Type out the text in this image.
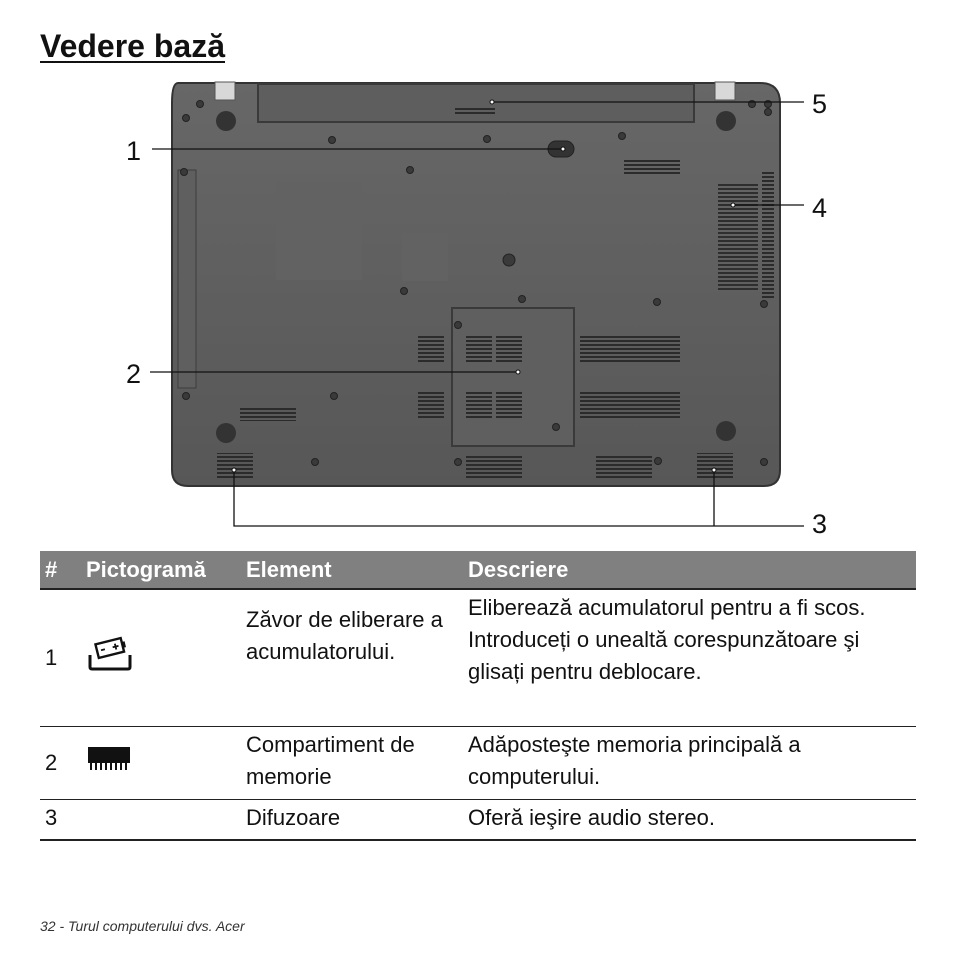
Vedere bază
1
2
3
4
5
#	Pictogramă	Element	Descriere
1		Zăvor de eliberare a acumulatorului.	Eliberează acumulatorul pentru a fi scos. Introduceți o unealtă corespunzătoare şi glisați pentru deblocare.
2		Compartiment de memorie	Adăposteşte memoria principală a computerului.
3		Difuzoare	Oferă ieşire audio stereo.
32 - Turul computerului dvs. Acer
